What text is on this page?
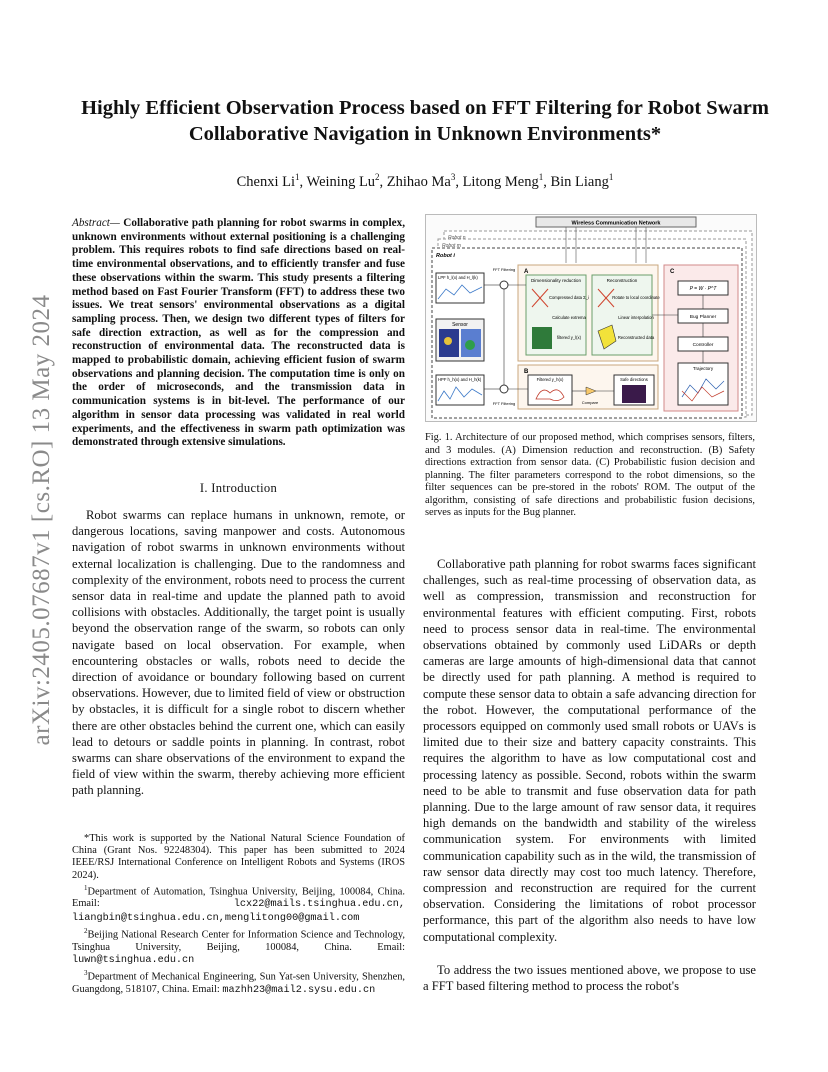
arXiv:2405.07687v1 [cs.RO] 13 May 2024
Highly Efficient Observation Process based on FFT Filtering for Robot Swarm Collaborative Navigation in Unknown Environments*
Chenxi Li$^1$, Weining Lu$^2$, Zhihao Ma$^3$, Litong Meng$^1$, Bin Liang$^1$
Abstract— Collaborative path planning for robot swarms in complex, unknown environments without external positioning is a challenging problem. This requires robots to find safe directions based on real-time environmental observations, and to efficiently transfer and fuse these observations within the swarm. This study presents a filtering method based on Fast Fourier Transform (FFT) to address these two issues. We treat sensors' environmental observations as a digital sampling process. Then, we design two different types of filters for safe direction extraction, as well as for the compression and reconstruction of environmental data. The reconstructed data is mapped to probabilistic domain, achieving efficient fusion of swarm observations and planning decision. The computation time is only on the order of microseconds, and the transmission data in communication systems is in bit-level. The performance of our algorithm in sensor data processing was validated in real world experiments, and the effectiveness in swarm path optimization was demonstrated through extensive simulations.
I. Introduction
Robot swarms can replace humans in unknown, remote, or dangerous locations, saving manpower and costs. Autonomous navigation of robot swarms in unknown environments without external localization is challenging. Due to the randomness and complexity of the environment, robots need to process the current sensor data in real-time and update the planned path to avoid collisions with obstacles. Additionally, the target point is usually beyond the observation range of the swarm, so robots can only navigate based on local observation. For example, when encountering obstacles or walls, robots need to decide the direction of avoidance or boundary following based on current observations. However, due to limited field of view or obstruction by obstacles, it is difficult for a single robot to discern whether there are other obstacles behind the current one, which can easily lead to detours or saddle points in planning. In contrast, robot swarms can share observations of the environment to expand the field of view within the swarm, thereby achieving more efficient path planning.

*This work is supported by the National Natural Science Foundation of China (Grant Nos. 92248304). This paper has been submitted to 2024 IEEE/RSJ International Conference on Intelligent Robots and Systems (IROS 2024).

$^1$Department of Automation, Tsinghua University, Beijing, 100084, China. Email: lcx22@mails.tsinghua.edu.cn, liangbin@tsinghua.edu.cn,menglitong00@gmail.com

$^2$Beijing National Research Center for Information Science and Technology, Tsinghua University, Beijing, 100084, China. Email: luwn@tsinghua.edu.cn

$^3$Department of Mechanical Engineering, Sun Yat-sen University, Shenzhen, Guangdong, 518107, China. Email: mazhh23@mail2.sysu.edu.cn

Robot n
Robot m
Robot i
Wireless Communication Network
LPF h_l(x) and H_l(k)
FFT Filtering
Sensor
HPF h_h(x) and H_h(k)
FFT Filtering
A
Dimensionality reduction
Compressed data Σ_i
Calculate extrema
filtered y_l(x)
Reconstruction
Rotate to local coordinate
Linear interpolation
Reconstructed data
B
Filtered y_h(x)
Compare
Safe directions
C
P = W · P^T
Bug Planner
Controller
Trajectory
Fig. 1. Architecture of our proposed method, which comprises sensors, filters, and 3 modules. (A) Dimension reduction and reconstruction. (B) Safety directions extraction from sensor data. (C) Probabilistic fusion decision and planning. The filter parameters correspond to the robot dimensions, so the filter sequences can be pre-stored in the robots' ROM. The output of the algorithm, consisting of safe directions and probabilistic fusion decisions, serves as inputs for the Bug planner.
Collaborative path planning for robot swarms faces significant challenges, such as real-time processing of observation data, as well as compression, transmission and reconstruction for environmental features with efficient computing. First, robots need to process sensor data in real-time. The environmental observations obtained by commonly used LiDARs or depth cameras are large amounts of high-dimensional data that cannot be directly used for path planning. A method is required to compute these sensor data to obtain a safe advancing direction for the robot. However, the computational performance of the processors equipped on commonly used small robots or UAVs is limited due to their size and battery capacity constraints. This requires the algorithm to have as low computational cost and processing latency as possible. Second, robots within the swarm need to be able to transmit and fuse observation data for path planning. Due to the large amount of raw sensor data, it requires high demands on the bandwidth and stability of the wireless communication system. For environments with limited communication capability such as in the wild, the transmission of raw sensor data directly may cost too much latency. Therefore, compression and reconstruction are required for the current observation. Considering the limitations of robot processor performance, this part of the algorithm also needs to have low computational complexity.
To address the two issues mentioned above, we propose to use a FFT based filtering method to process the robot's
